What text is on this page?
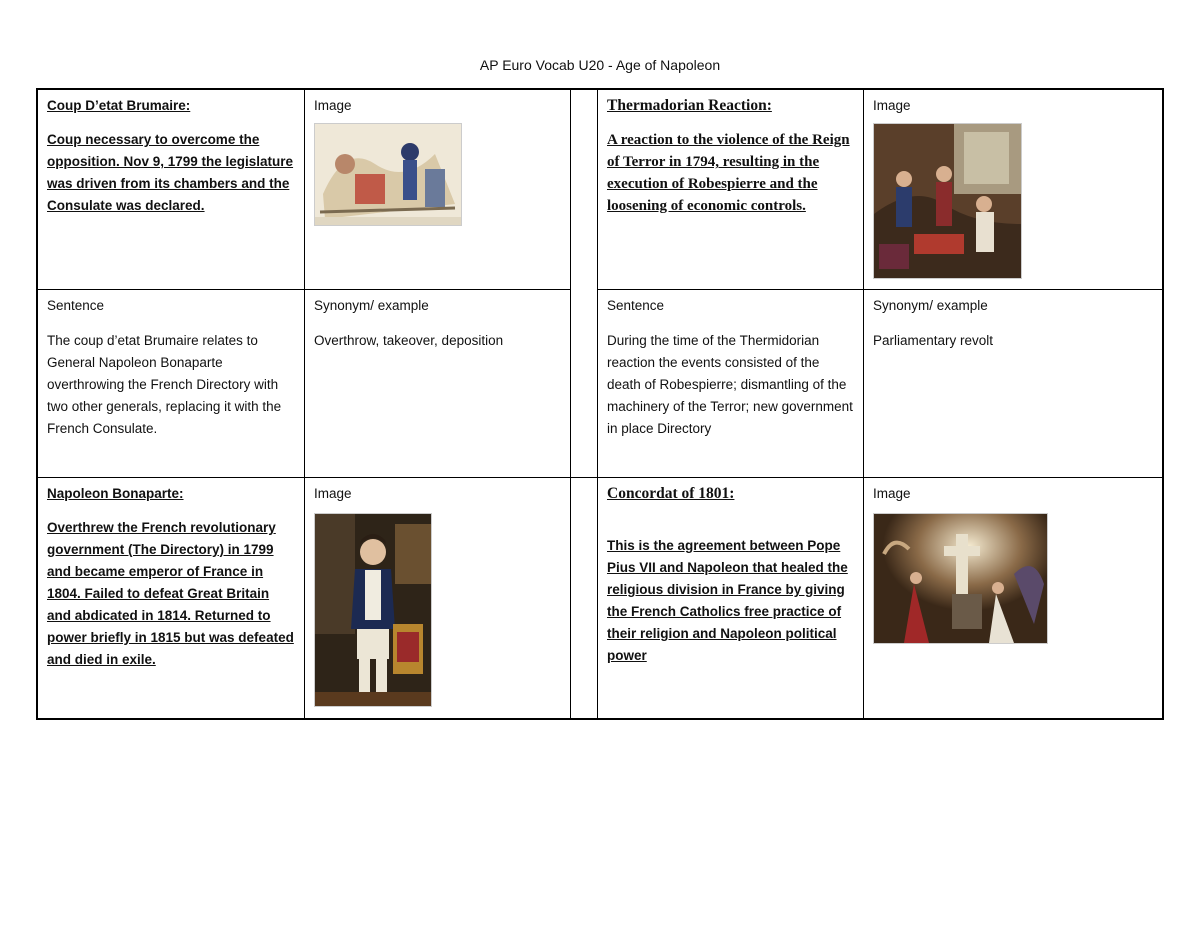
AP Euro Vocab U20 - Age of Napoleon
Coup D’etat Brumaire:
Coup necessary to overcome the opposition. Nov 9, 1799 the legislature was driven from its chambers and the Consulate was declared.
Image
Sentence
The coup d’etat Brumaire relates to General Napoleon Bonaparte overthrowing the French Directory with two other generals, replacing it with the French Consulate.
Synonym/ example
Overthrow, takeover, deposition
Thermadorian Reaction:
A reaction to the violence of the Reign of Terror in 1794, resulting in the execution of Robespierre and the loosening of economic controls.
Image
Sentence
During the time of the Thermidorian reaction the events consisted of the death of Robespierre; dismantling of the machinery of the Terror; new government in place Directory
Synonym/ example
Parliamentary revolt
Napoleon Bonaparte:
Overthrew the French revolutionary government (The Directory) in 1799 and became emperor of France in 1804. Failed to defeat Great Britain and abdicated in 1814. Returned to power briefly in 1815 but was defeated and died in exile.
Image	Concordat of 1801:
This is the agreement between Pope Pius VII and Napoleon that healed the religious division in France by giving the French Catholics free practice of their religion and Napoleon political power
Image
